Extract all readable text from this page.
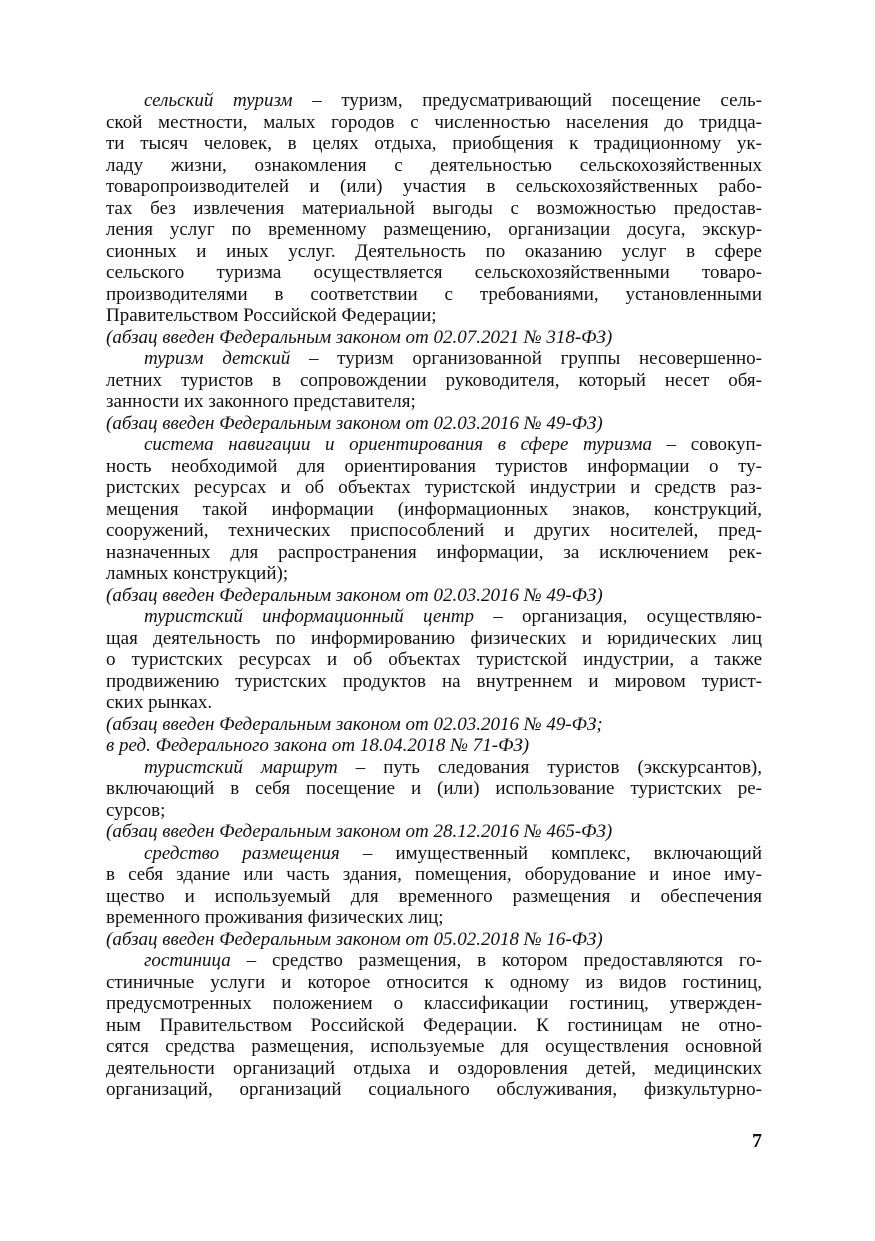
сельский туризм – туризм, предусматривающий посещение сель-
ской местности, малых городов с численностью населения до тридца-
ти тысяч человек, в целях отдыха, приобщения к традиционному ук-
ладу жизни, ознакомления с деятельностью сельскохозяйственных
товаропроизводителей и (или) участия в сельскохозяйственных рабо-
тах без извлечения материальной выгоды с возможностью предостав-
ления услуг по временному размещению, организации досуга, экскур-
сионных и иных услуг. Деятельность по оказанию услуг в сфере
сельского туризма осуществляется сельскохозяйственными товаро-
производителями в соответствии с требованиями, установленными
Правительством Российской Федерации;
(абзац введен Федеральным законом от 02.07.2021 № 318-ФЗ)
туризм детский – туризм организованной группы несовершенно-
летних туристов в сопровождении руководителя, который несет обя-
занности их законного представителя;
(абзац введен Федеральным законом от 02.03.2016 № 49-ФЗ)
система навигации и ориентирования в сфере туризма – совокуп-
ность необходимой для ориентирования туристов информации о ту-
ристских ресурсах и об объектах туристской индустрии и средств раз-
мещения такой информации (информационных знаков, конструкций,
сооружений, технических приспособлений и других носителей, пред-
назначенных для распространения информации, за исключением рек-
ламных конструкций);
(абзац введен Федеральным законом от 02.03.2016 № 49-ФЗ)
туристский информационный центр – организация, осуществляю-
щая деятельность по информированию физических и юридических лиц
о туристских ресурсах и об объектах туристской индустрии, а также
продвижению туристских продуктов на внутреннем и мировом турист-
ских рынках.
(абзац введен Федеральным законом от 02.03.2016 № 49-ФЗ;
в ред. Федерального закона от 18.04.2018 № 71-ФЗ)
туристский маршрут – путь следования туристов (экскурсантов),
включающий в себя посещение и (или) использование туристских ре-
сурсов;
(абзац введен Федеральным законом от 28.12.2016 № 465-ФЗ)
средство размещения – имущественный комплекс, включающий
в себя здание или часть здания, помещения, оборудование и иное иму-
щество и используемый для временного размещения и обеспечения
временного проживания физических лиц;
(абзац введен Федеральным законом от 05.02.2018 № 16-ФЗ)
гостиница – средство размещения, в котором предоставляются го-
стиничные услуги и которое относится к одному из видов гостиниц,
предусмотренных положением о классификации гостиниц, утвержден-
ным Правительством Российской Федерации. К гостиницам не отно-
сятся средства размещения, используемые для осуществления основной
деятельности организаций отдыха и оздоровления детей, медицинских
организаций, организаций социального обслуживания, физкультурно-
7
